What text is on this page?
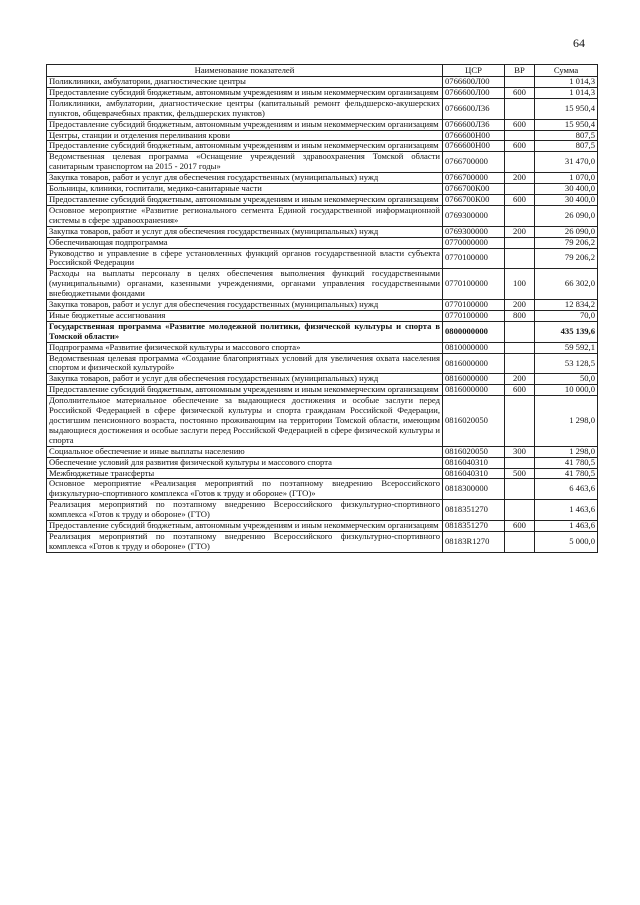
64
Наименование показателей	ЦСР	ВР	Сумма
Поликлиники, амбулатории, диагностические центры	0766600Л00		1 014,3
Предоставление субсидий бюджетным, автономным учреждениям и иным некоммерческим организациям	0766600Л00	600	1 014,3
Поликлиники, амбулатории, диагностические центры (капитальный ремонт фельдшерско-акушерских пунктов, общеврачебных практик, фельдшерских пунктов)	0766600Л36		15 950,4
Предоставление субсидий бюджетным, автономным учреждениям и иным некоммерческим организациям	0766600Л36	600	15 950,4
Центры, станции и отделения переливания крови	0766600Н00		807,5
Предоставление субсидий бюджетным, автономным учреждениям и иным некоммерческим организациям	0766600Н00	600	807,5
Ведомственная целевая программа «Оснащение учреждений здравоохранения Томской области санитарным транспортом на 2015 - 2017 годы»	0766700000		31 470,0
Закупка товаров, работ и услуг для обеспечения государственных (муниципальных) нужд	0766700000	200	1 070,0
Больницы, клиники, госпитали, медико-санитарные части	0766700К00		30 400,0
Предоставление субсидий бюджетным, автономным учреждениям и иным некоммерческим организациям	0766700К00	600	30 400,0
Основное мероприятие «Развитие регионального сегмента Единой государственной информационной системы в сфере здравоохранения»	0769300000		26 090,0
Закупка товаров, работ и услуг для обеспечения государственных (муниципальных) нужд	0769300000	200	26 090,0
Обеспечивающая подпрограмма	0770000000		79 206,2
Руководство и управление в сфере установленных функций органов государственной власти субъекта Российской Федерации	0770100000		79 206,2
Расходы на выплаты персоналу в целях обеспечения выполнения функций государственными (муниципальными) органами, казенными учреждениями, органами управления государственными внебюджетными фондами	0770100000	100	66 302,0
Закупка товаров, работ и услуг для обеспечения государственных (муниципальных) нужд	0770100000	200	12 834,2
Иные бюджетные ассигнования	0770100000	800	70,0
Государственная программа «Развитие молодежной политики, физической культуры и спорта в Томской области»	0800000000		435 139,6
Подпрограмма «Развитие физической культуры и массового спорта»	0810000000		59 592,1
Ведомственная целевая программа «Создание благоприятных условий для увеличения охвата населения спортом и физической культурой»	0816000000		53 128,5
Закупка товаров, работ и услуг для обеспечения государственных (муниципальных) нужд	0816000000	200	50,0
Предоставление субсидий бюджетным, автономным учреждениям и иным некоммерческим организациям	0816000000	600	10 000,0
Дополнительное материальное обеспечение за выдающиеся достижения и особые заслуги перед Российской Федерацией в сфере физической культуры и спорта гражданам Российской Федерации, достигшим пенсионного возраста, постоянно проживающим на территории Томской области, имеющим выдающиеся достижения и особые заслуги перед Российской Федерацией в сфере физической культуры и спорта	0816020050		1 298,0
Социальное обеспечение и иные выплаты населению	0816020050	300	1 298,0
Обеспечение условий для развития физической культуры и массового спорта	0816040310		41 780,5
Межбюджетные трансферты	0816040310	500	41 780,5
Основное мероприятие «Реализация мероприятий по поэтапному внедрению Всероссийского физкультурно-спортивного комплекса «Готов к труду и обороне» (ГТО)»	0818300000		6 463,6
Реализация мероприятий по поэтапному внедрению Всероссийского физкультурно-спортивного комплекса «Готов к труду и обороне» (ГТО)	0818351270		1 463,6
Предоставление субсидий бюджетным, автономным учреждениям и иным некоммерческим организациям	0818351270	600	1 463,6
Реализация мероприятий по поэтапному внедрению Всероссийского физкультурно-спортивного комплекса «Готов к труду и обороне» (ГТО)	08183R1270		5 000,0
